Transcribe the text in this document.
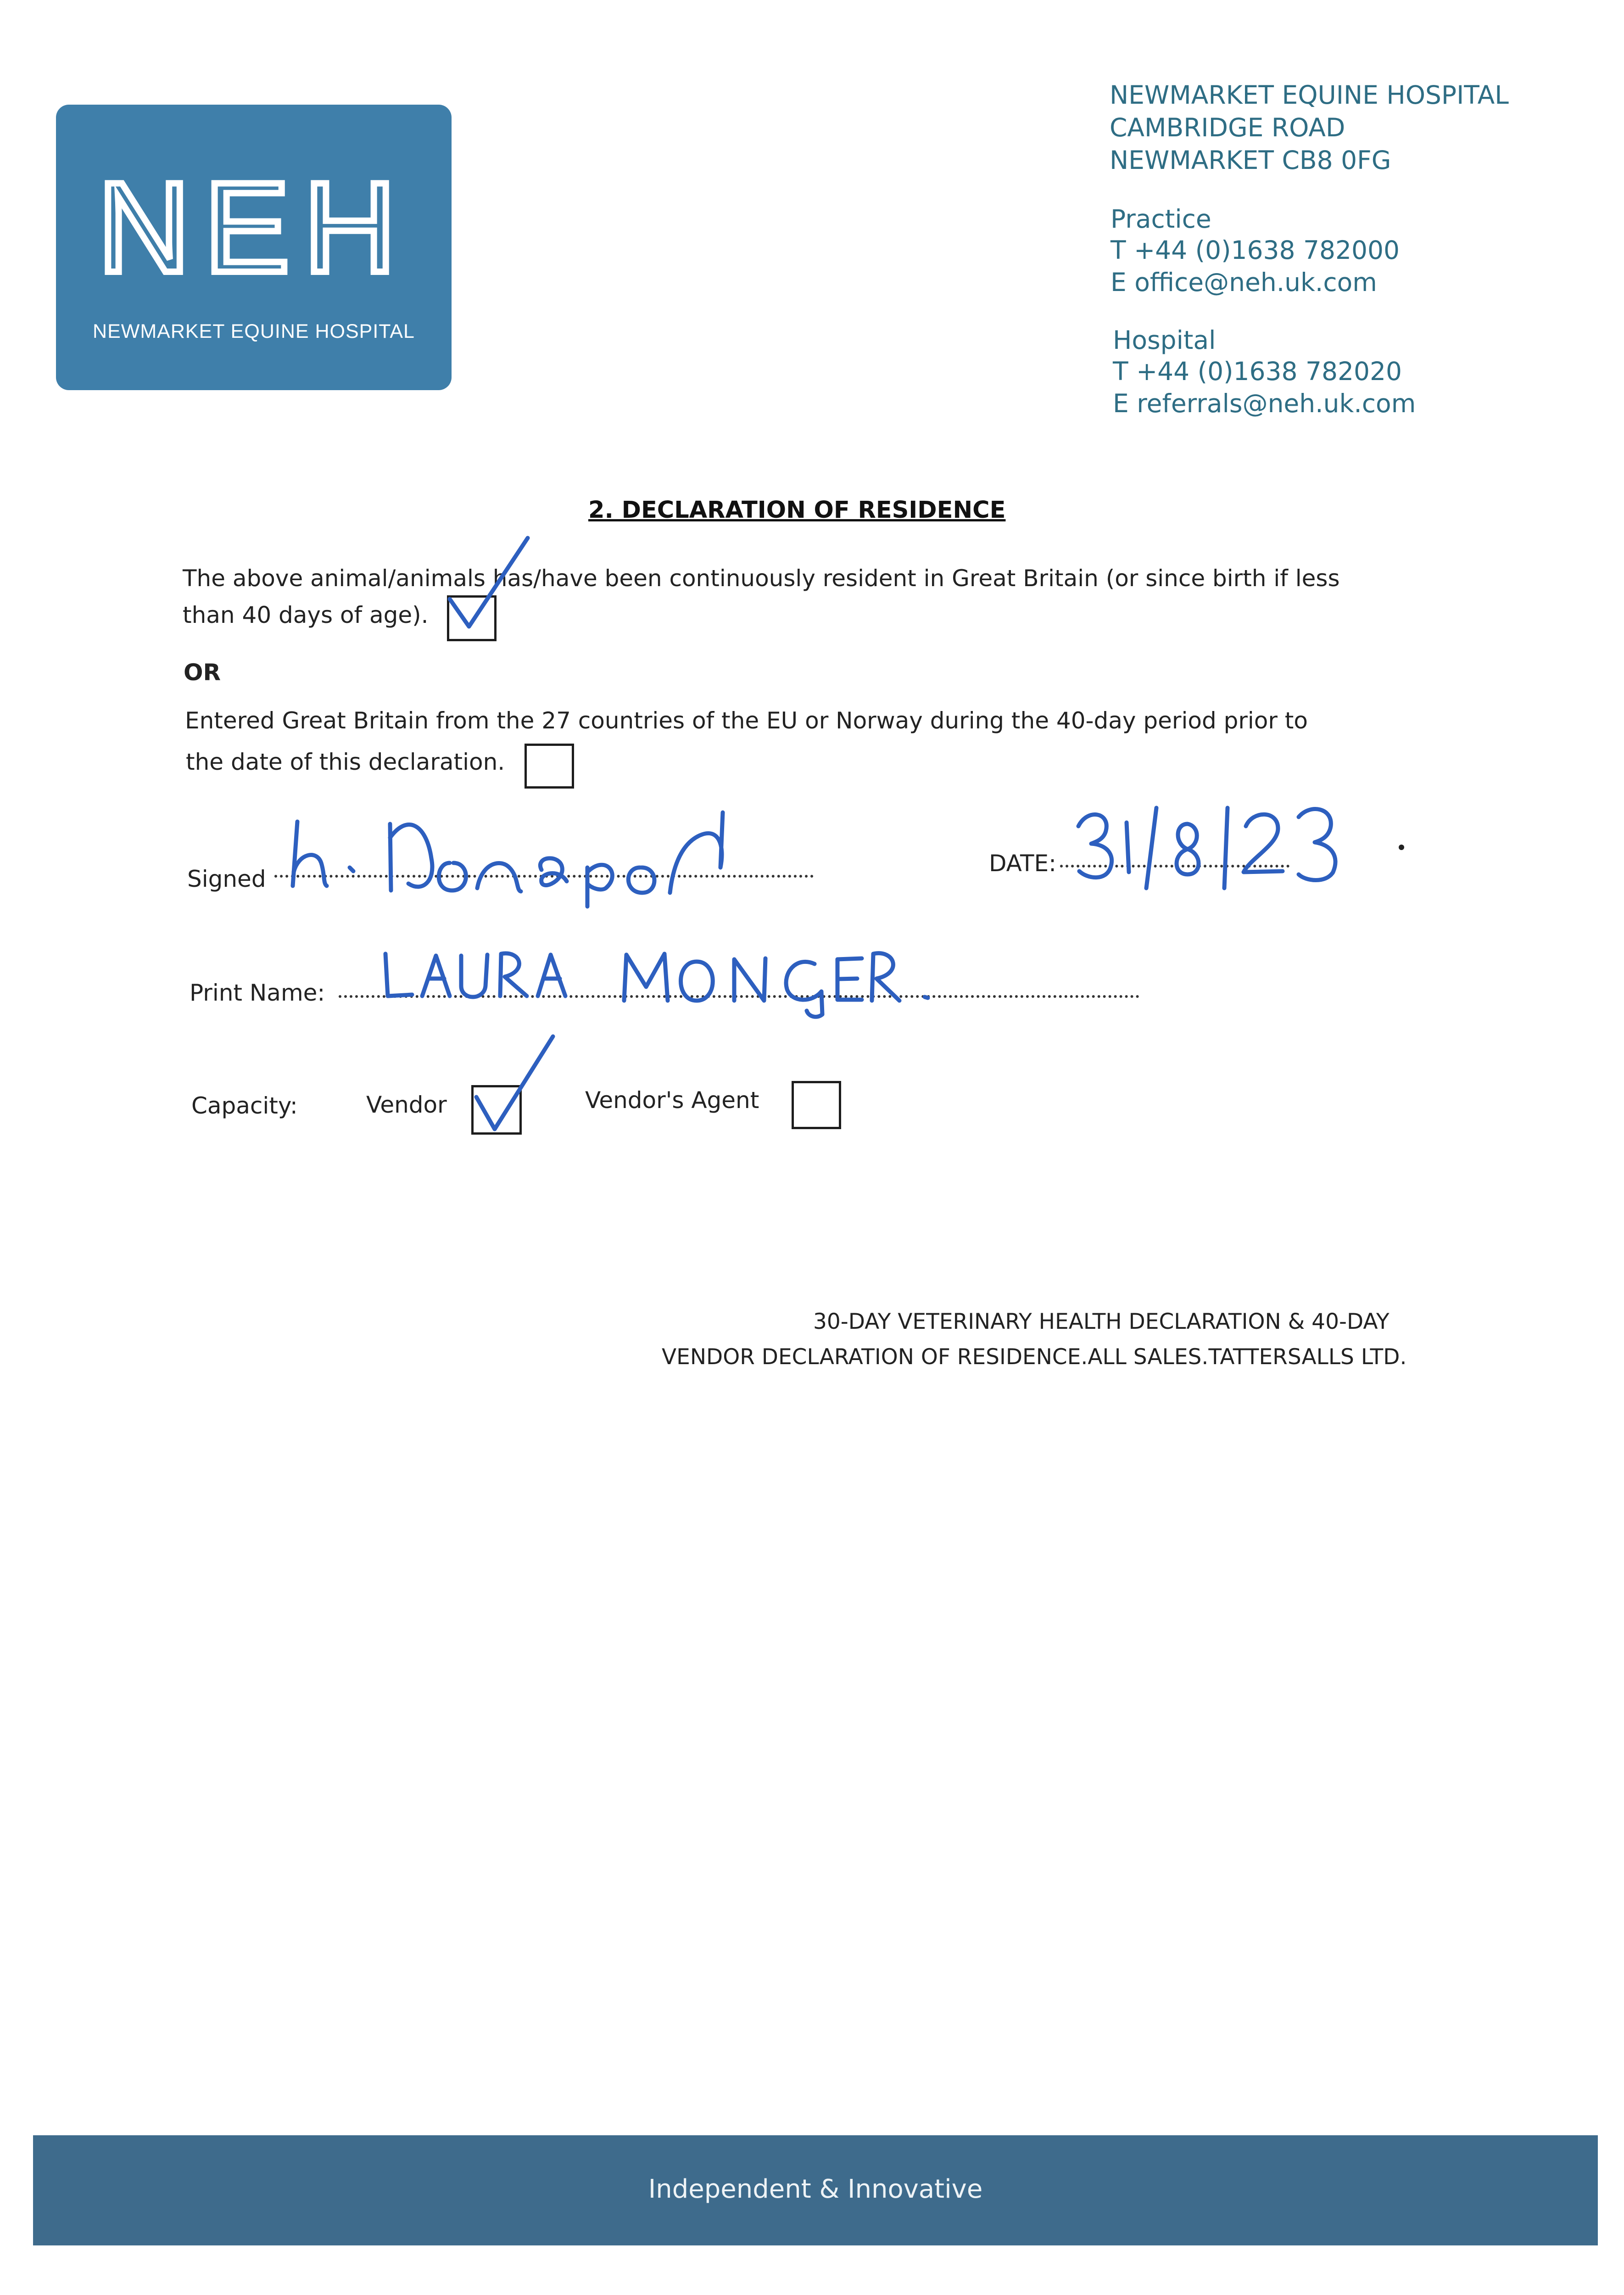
NEH
NEWMARKET EQUINE HOSPITAL
NEWMARKET EQUINE HOSPITAL
CAMBRIDGE ROAD
NEWMARKET CB8 0FG
Practice
T +44 (0)1638 782000
E office@neh.uk.com
Hospital
T +44 (0)1638 782020
E referrals@neh.uk.com
2. DECLARATION OF RESIDENCE
The above animal/animals has/have been continuously resident in Great Britain (or since birth if less
than 40 days of age).
OR
Entered Great Britain from the 27 countries of the EU or Norway during the 40-day period prior to
the date of this declaration.
Signed
DATE:
Print Name:
Capacity:	Vendor	Vendor's Agent
30-DAY VETERINARY HEALTH DECLARATION & 40-DAY
VENDOR DECLARATION OF RESIDENCE.ALL SALES.TATTERSALLS LTD.
Independent & Innovative
